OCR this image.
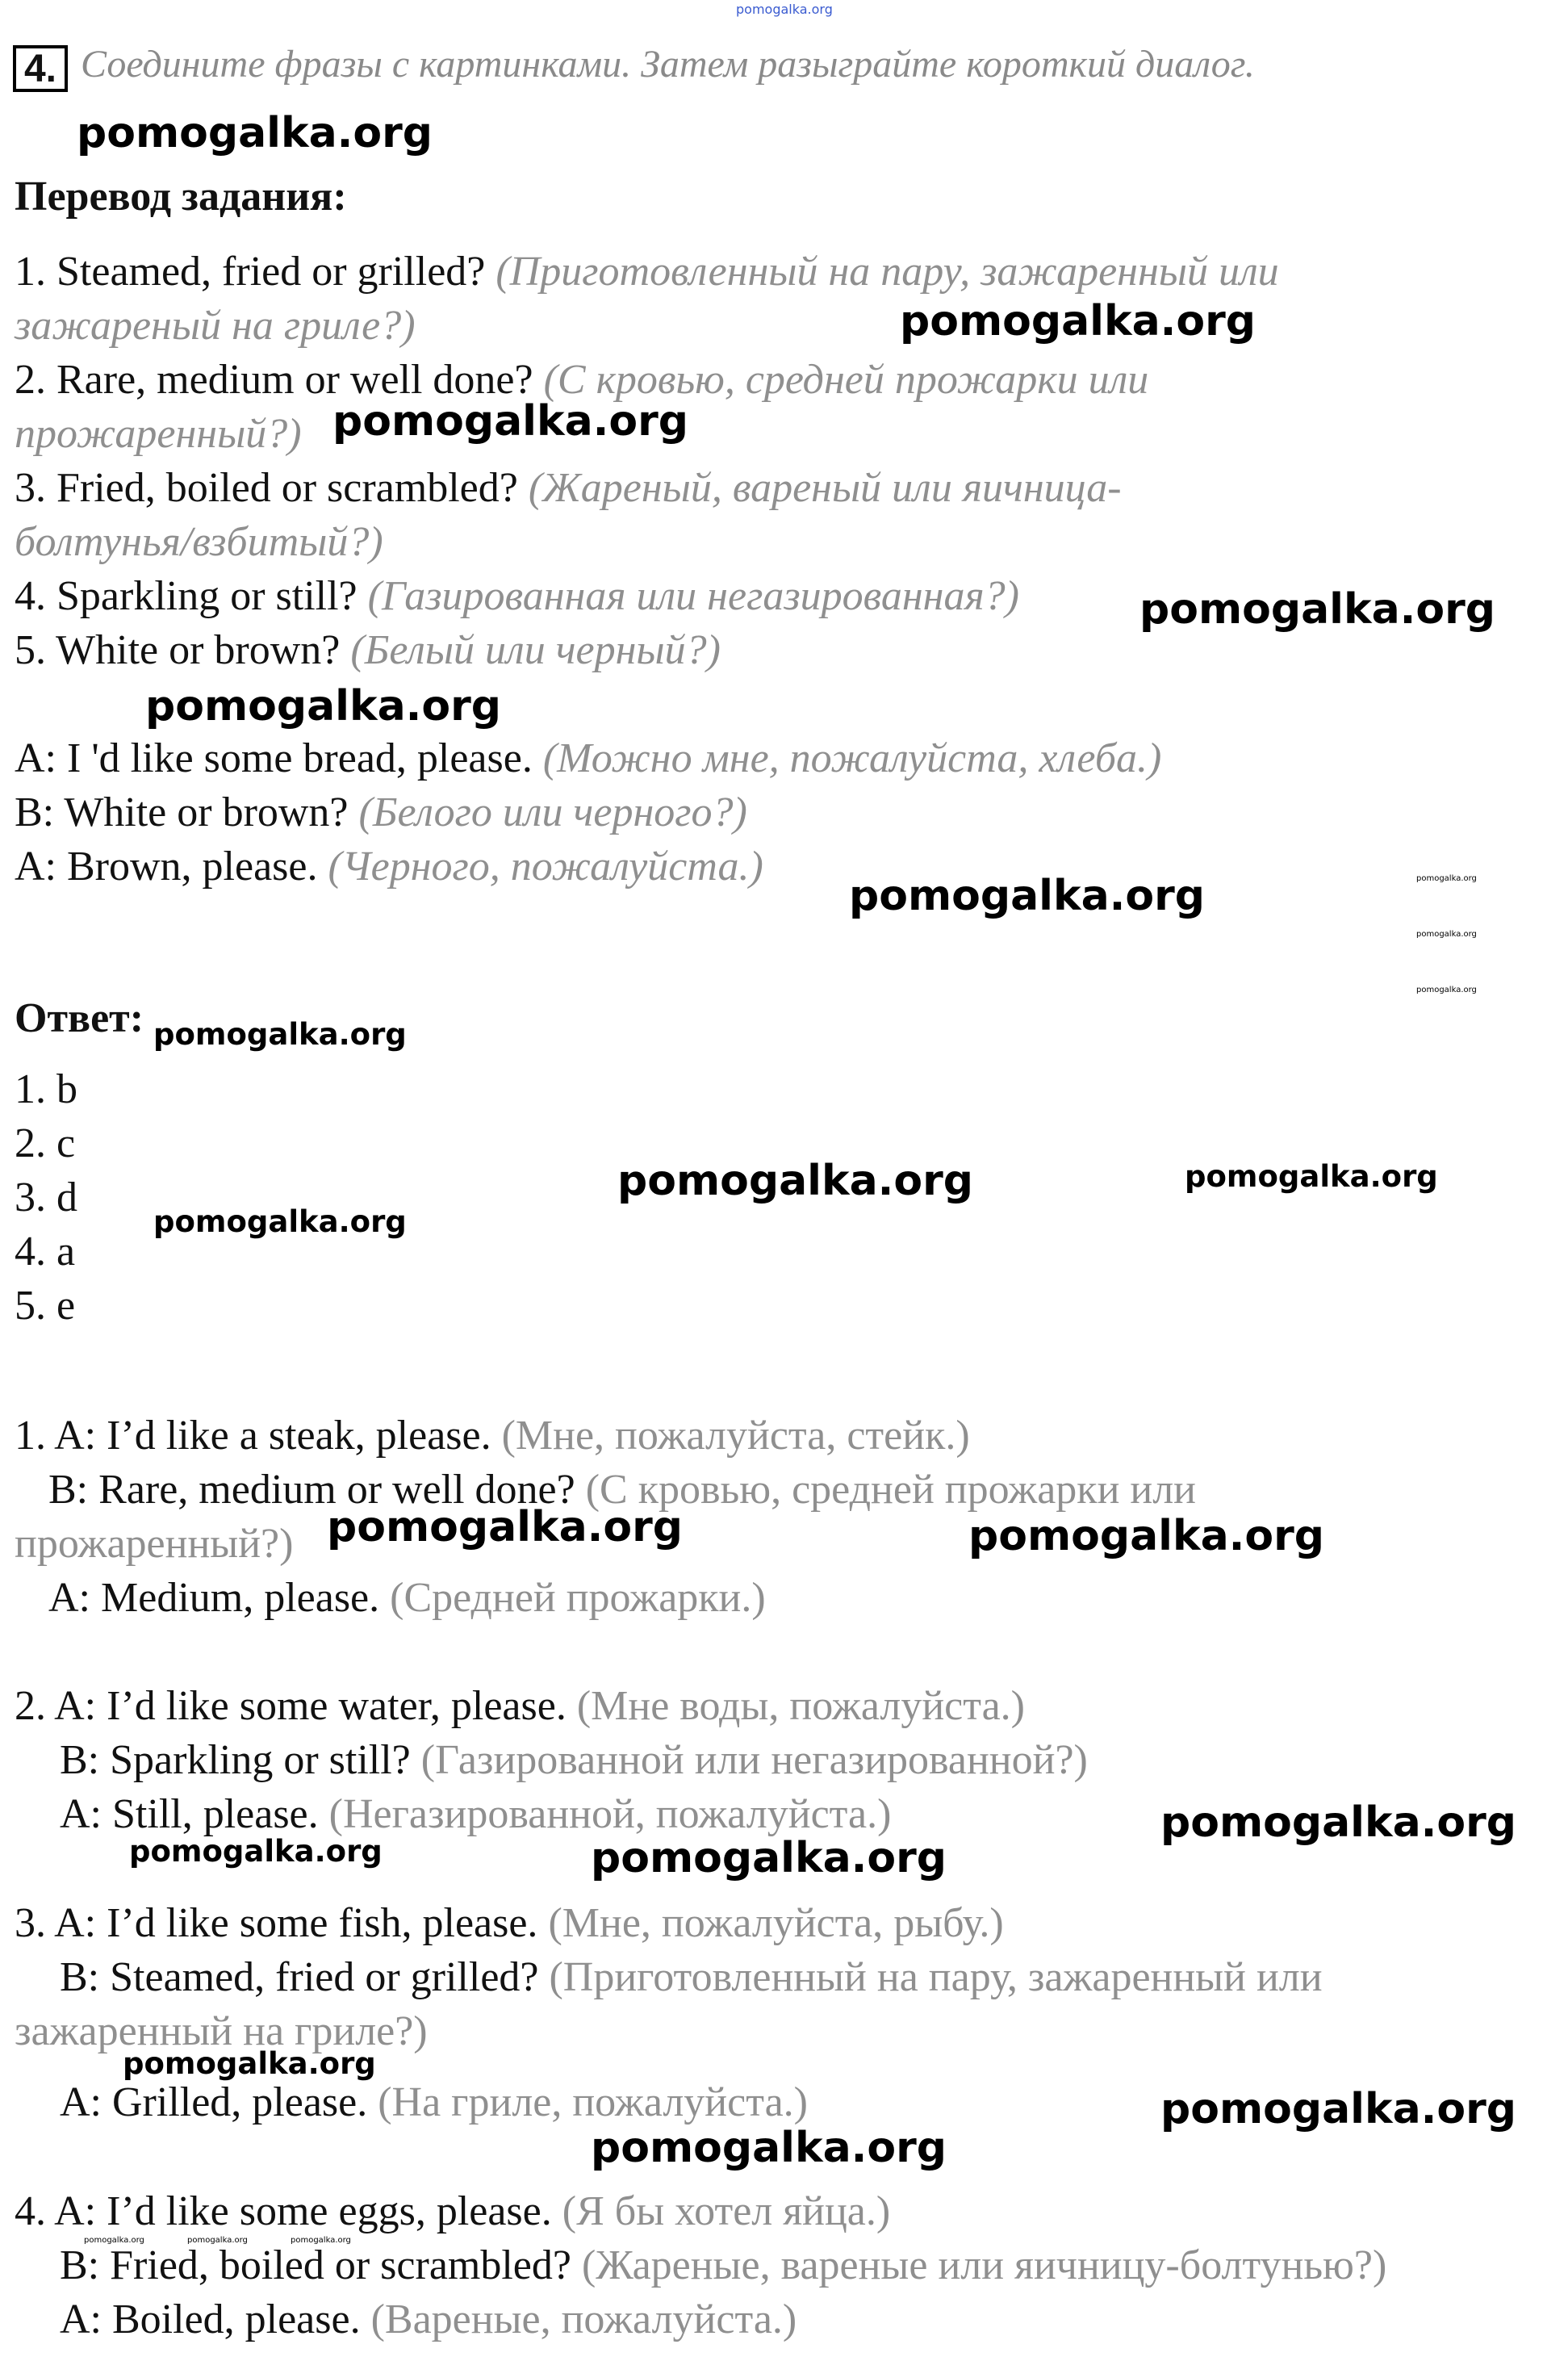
pomogalka.org
4. Соедините фразы с картинками. Затем разыграйте короткий диалог.
pomogalka.org
Перевод задания:
1. Steamed, fried or grilled? (Приготовленный на пару, зажаренный или
зажареный на гриле?)	pomogalka.org
2. Rare, medium or well done? (С кровью, средней прожарки или
прожаренный?) pomogalka.org
3. Fried, boiled or scrambled? (Жареный, вареный или яичница-
болтунья/взбитый?)
4. Sparkling or still? (Газированная или негазированная?)	pomogalka.org
5. White or brown? (Белый или черный?)
pomogalka.org
A: I 'd like some bread, please. (Можно мне, пожалуйста, хлеба.)
B: White or brown? (Белого или черного?)
A: Brown, please. (Черного, пожалуйста.)
pomogalka.org	pomogalka.org
pomogalka.org
pomogalka.org
Ответ: pomogalka.org
1. b
2. c
3. d
4. a
5. e
pomogalka.org	pomogalka.org
pomogalka.org
1. A: I’d like a steak, please. (Мне, пожалуйста, стейк.)
B: Rare, medium or well done? (С кровью, средней прожарки или
прожаренный?) pomogalka.org	pomogalka.org
A: Medium, please. (Средней прожарки.)
2. A: I’d like some water, please. (Мне воды, пожалуйста.)
B: Sparkling or still? (Газированной или негазированной?)
A: Still, please. (Негазированной, пожалуйста.)
pomogalka.org	pomogalka.org
pomogalka.org
3. A: I’d like some fish, please. (Мне, пожалуйста, рыбу.)
B: Steamed, fried or grilled? (Приготовленный на пару, зажаренный или
зажаренный на гриле?)
pomogalka.org
A: Grilled, please. (На гриле, пожалуйста.)	pomogalka.org
pomogalka.org
4. A: I’d like some eggs, please. (Я бы хотел яйца.)
pomogalka.org	pomogalka.org	pomogalka.org
B: Fried, boiled or scrambled? (Жареные, вареные или яичницу-болтунью?)
A: Boiled, please. (Вареные, пожалуйста.)
